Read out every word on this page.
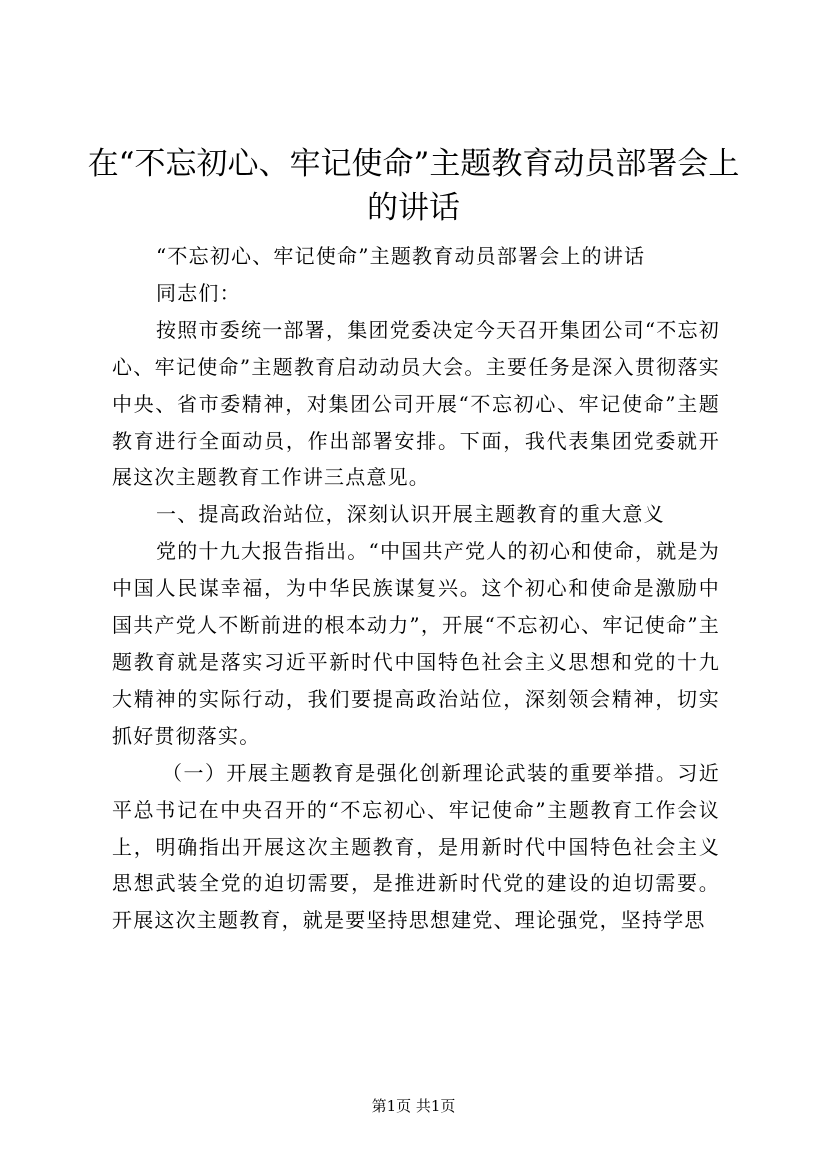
在“不忘初心、牢记使命”主题教育动员部署会上的讲话

“不忘初心、牢记使命”主题教育动员部署会上的讲话

同志们：

按照市委统一部署，集团党委决定今天召开集团公司“不忘初心、牢记使命”主题教育启动动员大会。主要任务是深入贯彻落实中央、省市委精神，对集团公司开展“不忘初心、牢记使命”主题教育进行全面动员，作出部署安排。下面，我代表集团党委就开展这次主题教育工作讲三点意见。

一、提高政治站位，深刻认识开展主题教育的重大意义

党的十九大报告指出。“中国共产党人的初心和使命，就是为中国人民谋幸福，为中华民族谋复兴。这个初心和使命是激励中国共产党人不断前进的根本动力”，开展“不忘初心、牢记使命”主题教育就是落实习近平新时代中国特色社会主义思想和党的十九大精神的实际行动，我们要提高政治站位，深刻领会精神，切实抓好贯彻落实。

（一）开展主题教育是强化创新理论武装的重要举措。习近平总书记在中央召开的“不忘初心、牢记使命”主题教育工作会议上，明确指出开展这次主题教育，是用新时代中国特色社会主义思想武装全党的迫切需要，是推进新时代党的建设的迫切需要。开展这次主题教育，就是要坚持思想建党、理论强党，坚持学思

第1页 共1页
